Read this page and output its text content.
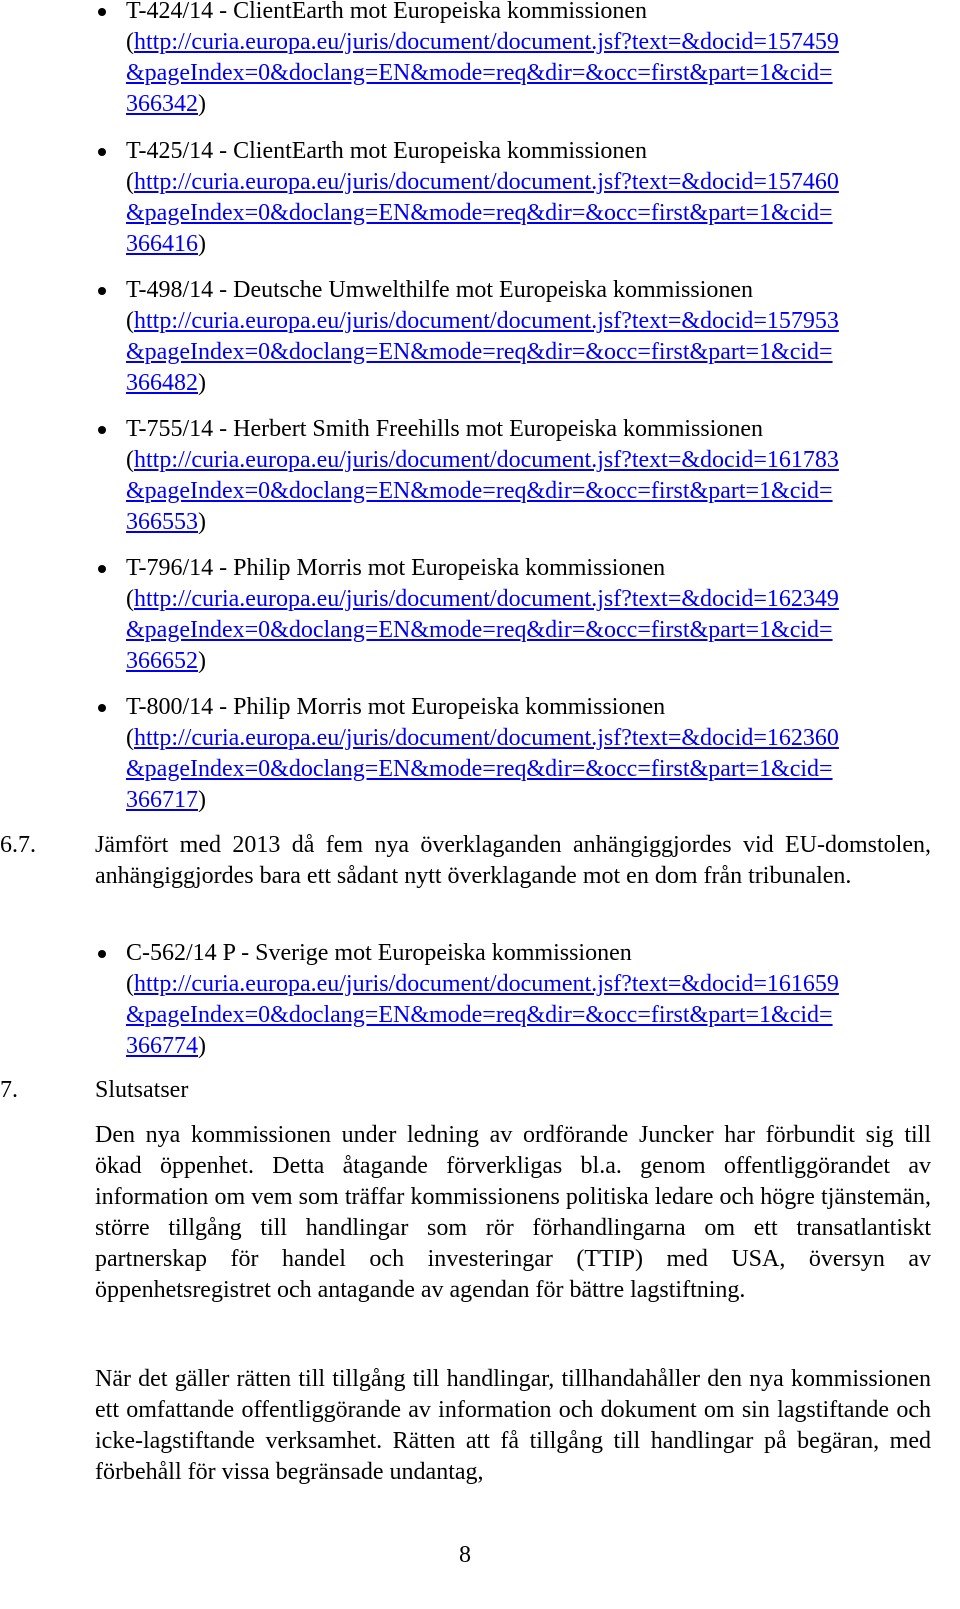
T-424/14 - ClientEarth mot Europeiska kommissionen
(http://curia.europa.eu/juris/document/document.jsf?text=&docid=157459
&pageIndex=0&doclang=EN&mode=req&dir=&occ=first&part=1&cid=
366342)
T-425/14 - ClientEarth mot Europeiska kommissionen
(http://curia.europa.eu/juris/document/document.jsf?text=&docid=157460
&pageIndex=0&doclang=EN&mode=req&dir=&occ=first&part=1&cid=
366416)
T-498/14 - Deutsche Umwelthilfe mot Europeiska kommissionen
(http://curia.europa.eu/juris/document/document.jsf?text=&docid=157953
&pageIndex=0&doclang=EN&mode=req&dir=&occ=first&part=1&cid=
366482)
T-755/14 - Herbert Smith Freehills mot Europeiska kommissionen
(http://curia.europa.eu/juris/document/document.jsf?text=&docid=161783
&pageIndex=0&doclang=EN&mode=req&dir=&occ=first&part=1&cid=
366553)
T-796/14 - Philip Morris mot Europeiska kommissionen
(http://curia.europa.eu/juris/document/document.jsf?text=&docid=162349
&pageIndex=0&doclang=EN&mode=req&dir=&occ=first&part=1&cid=
366652)
T-800/14 - Philip Morris mot Europeiska kommissionen
(http://curia.europa.eu/juris/document/document.jsf?text=&docid=162360
&pageIndex=0&doclang=EN&mode=req&dir=&occ=first&part=1&cid=
366717)
6.7. Jämfört med 2013 då fem nya överklaganden anhängiggjordes vid EU-domstolen, anhängiggjordes bara ett sådant nytt överklagande mot en dom från tribunalen.
C-562/14 P - Sverige mot Europeiska kommissionen
(http://curia.europa.eu/juris/document/document.jsf?text=&docid=161659
&pageIndex=0&doclang=EN&mode=req&dir=&occ=first&part=1&cid=
366774)
7.	Slutsatser
Den nya kommissionen under ledning av ordförande Juncker har förbundit sig till ökad öppenhet. Detta åtagande förverkligas bl.a. genom offentliggörandet av information om vem som träffar kommissionens politiska ledare och högre tjänstemän, större tillgång till handlingar som rör förhandlingarna om ett transatlantiskt partnerskap för handel och investeringar (TTIP) med USA, översyn av öppenhetsregistret och antagande av agendan för bättre lagstiftning.
När det gäller rätten till tillgång till handlingar, tillhandahåller den nya kommissionen ett omfattande offentliggörande av information och dokument om sin lagstiftande och icke-lagstiftande verksamhet. Rätten att få tillgång till handlingar på begäran, med förbehåll för vissa begränsade undantag,
8
